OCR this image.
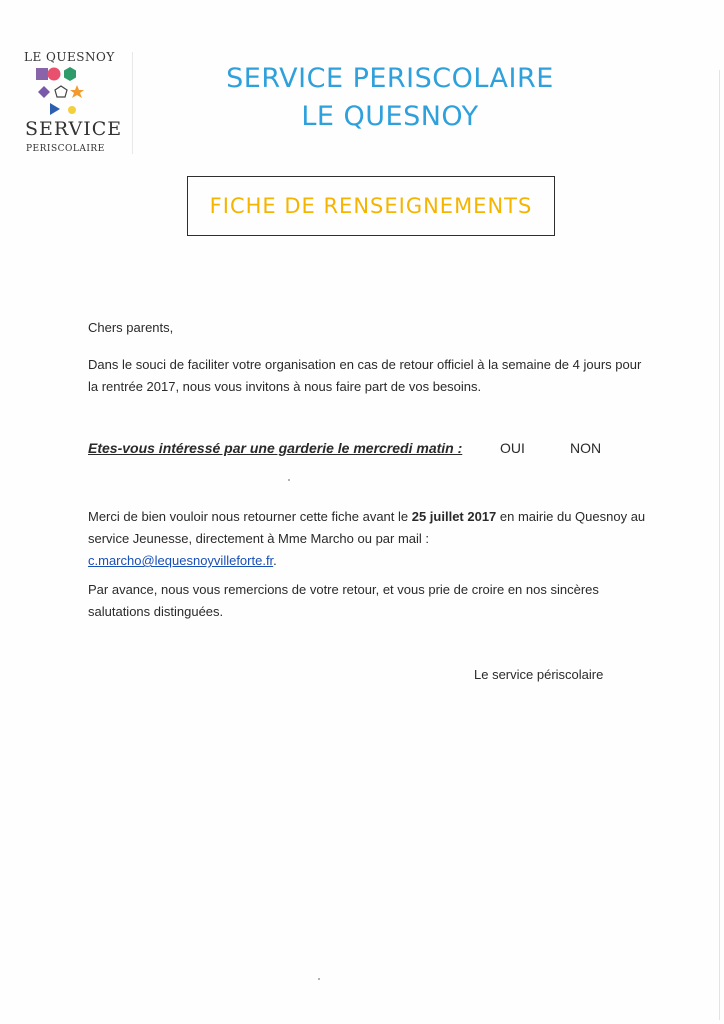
LE QUESNOY
SERVICE
PERISCOLAIRE
SERVICE PERISCOLAIRE
LE QUESNOY
FICHE DE RENSEIGNEMENTS
Chers parents,
Dans le souci de faciliter votre organisation en cas de retour officiel à la semaine de 4 jours pour la rentrée 2017, nous vous invitons à nous faire part de vos besoins.
Etes-vous intéressé par une garderie le mercredi matin :	OUI	NON
Merci de bien vouloir nous retourner cette fiche avant le 25 juillet 2017 en mairie du Quesnoy au service Jeunesse, directement à Mme Marcho ou par mail :
c.marcho@lequesnoyvilleforte.fr.
Par avance, nous vous remercions de votre retour, et vous prie de croire en nos sincères salutations distinguées.
Le service périscolaire
